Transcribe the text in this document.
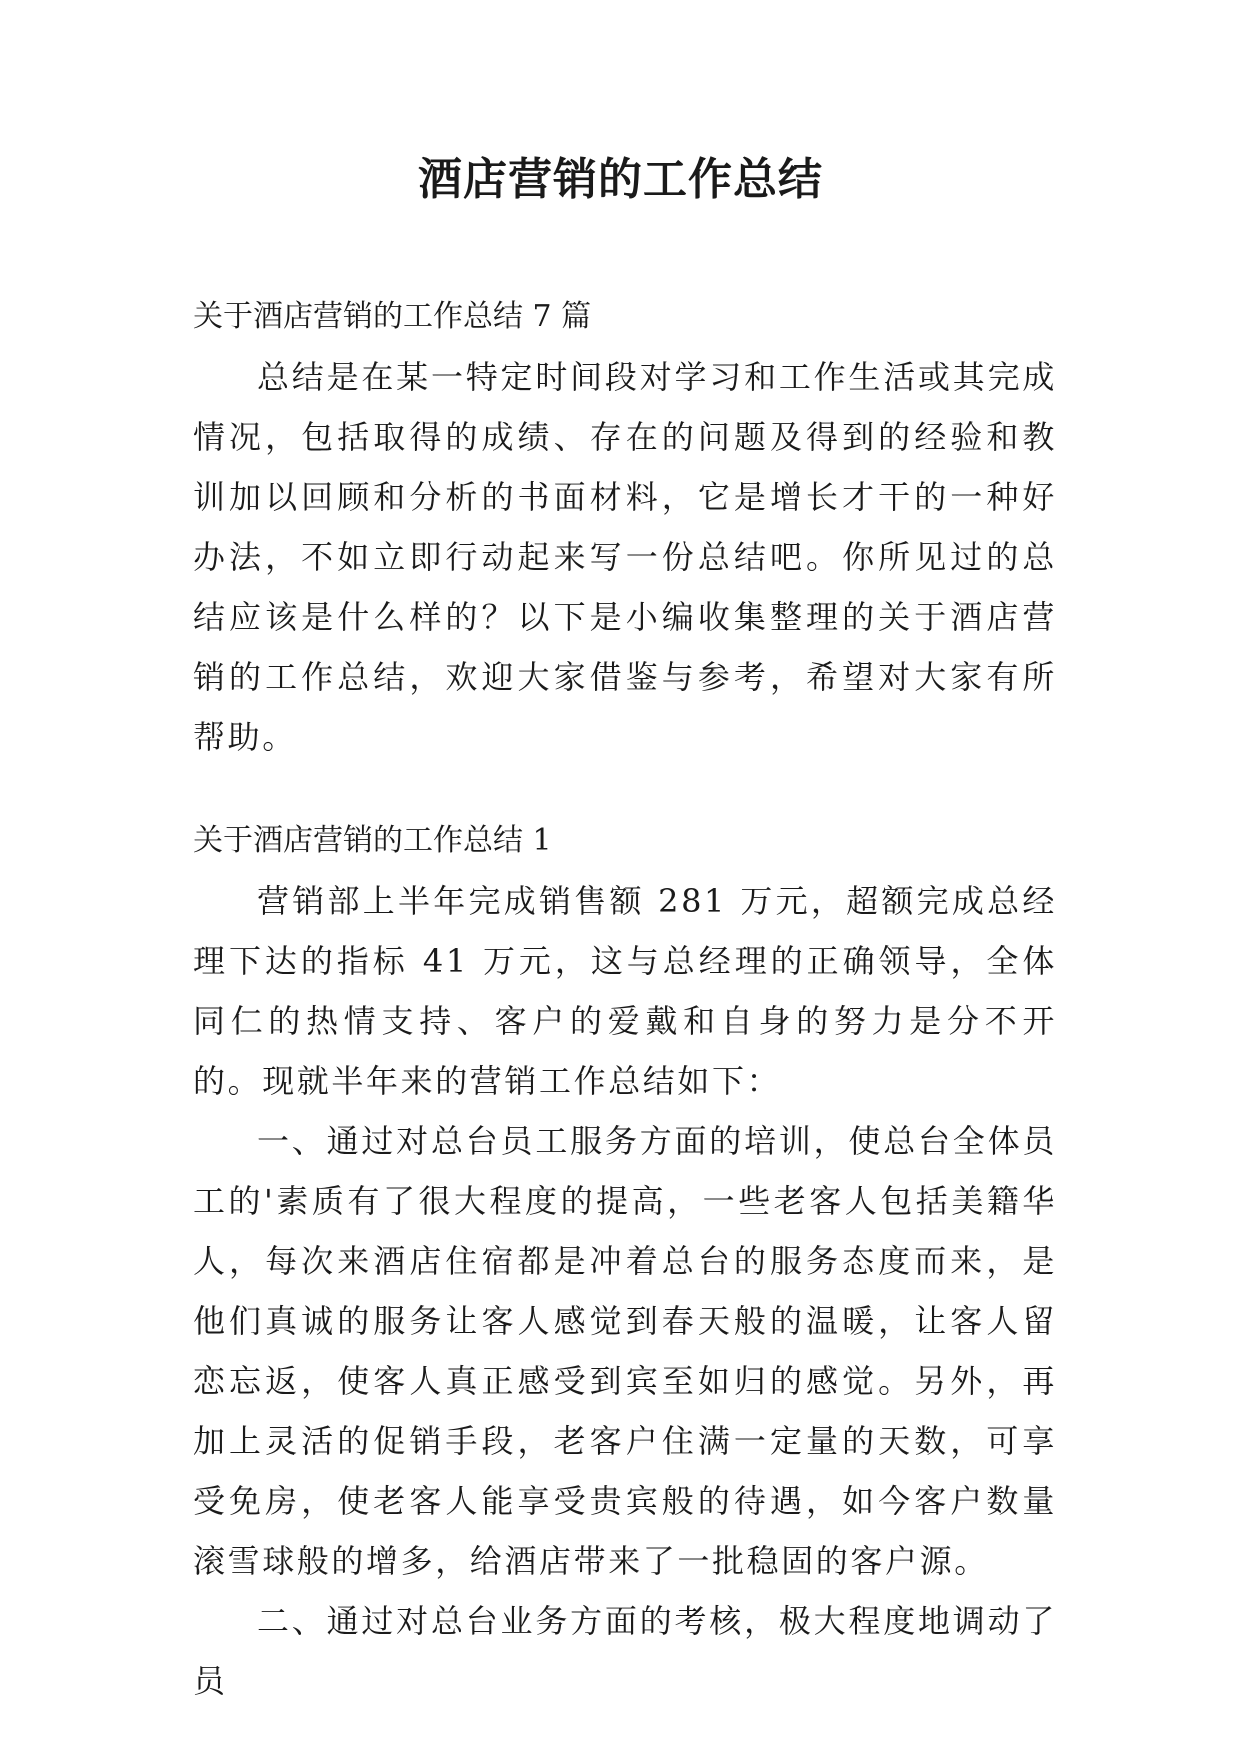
酒店营销的工作总结

关于酒店营销的工作总结 7 篇

总结是在某一特定时间段对学习和工作生活或其完成情况，包括取得的成绩、存在的问题及得到的经验和教训加以回顾和分析的书面材料，它是增长才干的一种好办法，不如立即行动起来写一份总结吧。你所见过的总结应该是什么样的？以下是小编收集整理的关于酒店营销的工作总结，欢迎大家借鉴与参考，希望对大家有所帮助。

关于酒店营销的工作总结 1

营销部上半年完成销售额 281 万元，超额完成总经理下达的指标 41 万元，这与总经理的正确领导，全体同仁的热情支持、客户的爱戴和自身的努力是分不开的。现就半年来的营销工作总结如下：

一、通过对总台员工服务方面的培训，使总台全体员工的'素质有了很大程度的提高，一些老客人包括美籍华人，每次来酒店住宿都是冲着总台的服务态度而来，是他们真诚的服务让客人感觉到春天般的温暖，让客人留恋忘返，使客人真正感受到宾至如归的感觉。另外，再加上灵活的促销手段，老客户住满一定量的天数，可享受免房，使老客人能享受贵宾般的待遇，如今客户数量滚雪球般的增多，给酒店带来了一批稳固的客户源。

二、通过对总台业务方面的考核，极大程度地调动了员
